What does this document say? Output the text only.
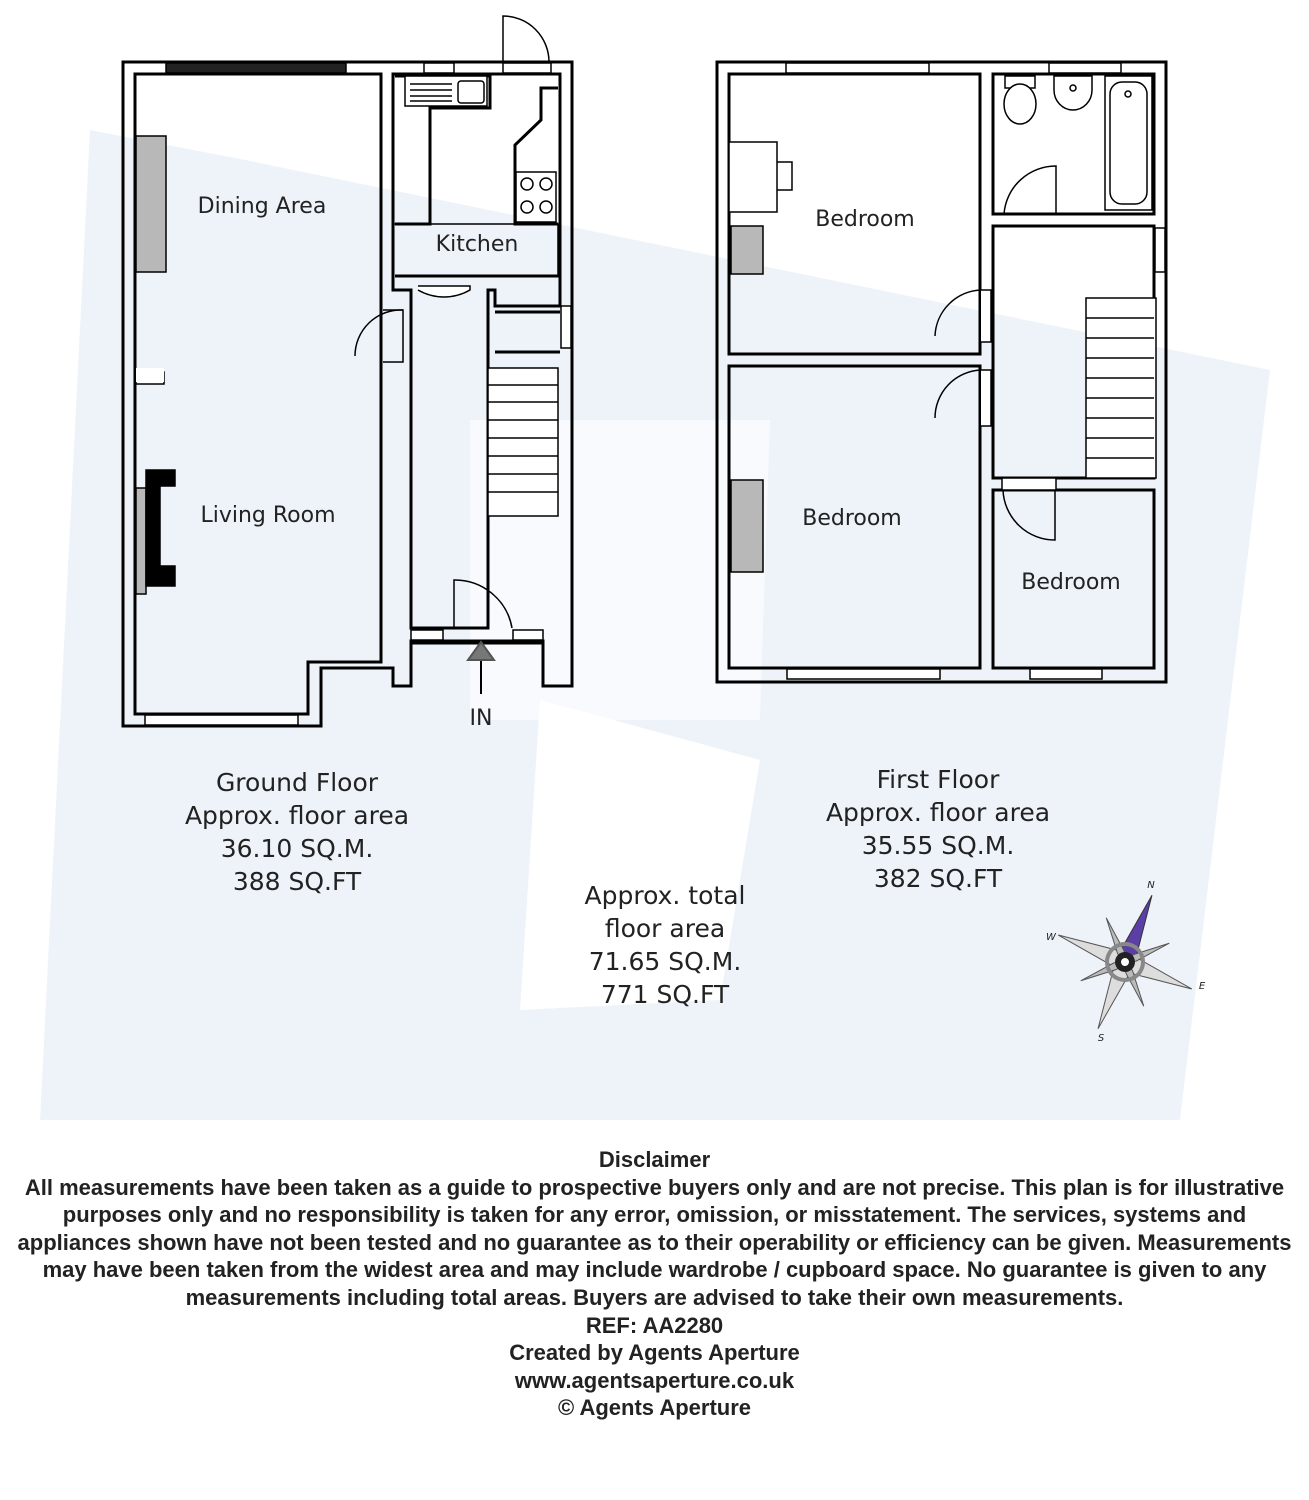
Dining Area
Kitchen
Living Room
IN
Bedroom
Bedroom
Bedroom
N
E
S
W
Ground Floor
Approx. floor area
36.10 SQ.M.
388 SQ.FT
First Floor
Approx. floor area
35.55 SQ.M.
382 SQ.FT
Approx. total
floor area
71.65 SQ.M.
771 SQ.FT
Disclaimer
All measurements have been taken as a guide to prospective buyers only and are not precise. This plan is for illustrative purposes only and no responsibility is taken for any error, omission, or misstatement. The services, systems and appliances shown have not been tested and no guarantee as to their operability or efficiency can be given. Measurements may have been taken from the widest area and may include wardrobe / cupboard space. No guarantee is given to any measurements including total areas. Buyers are advised to take their own measurements.
REF: AA2280
Created by Agents Aperture
www.agentsaperture.co.uk
© Agents Aperture
